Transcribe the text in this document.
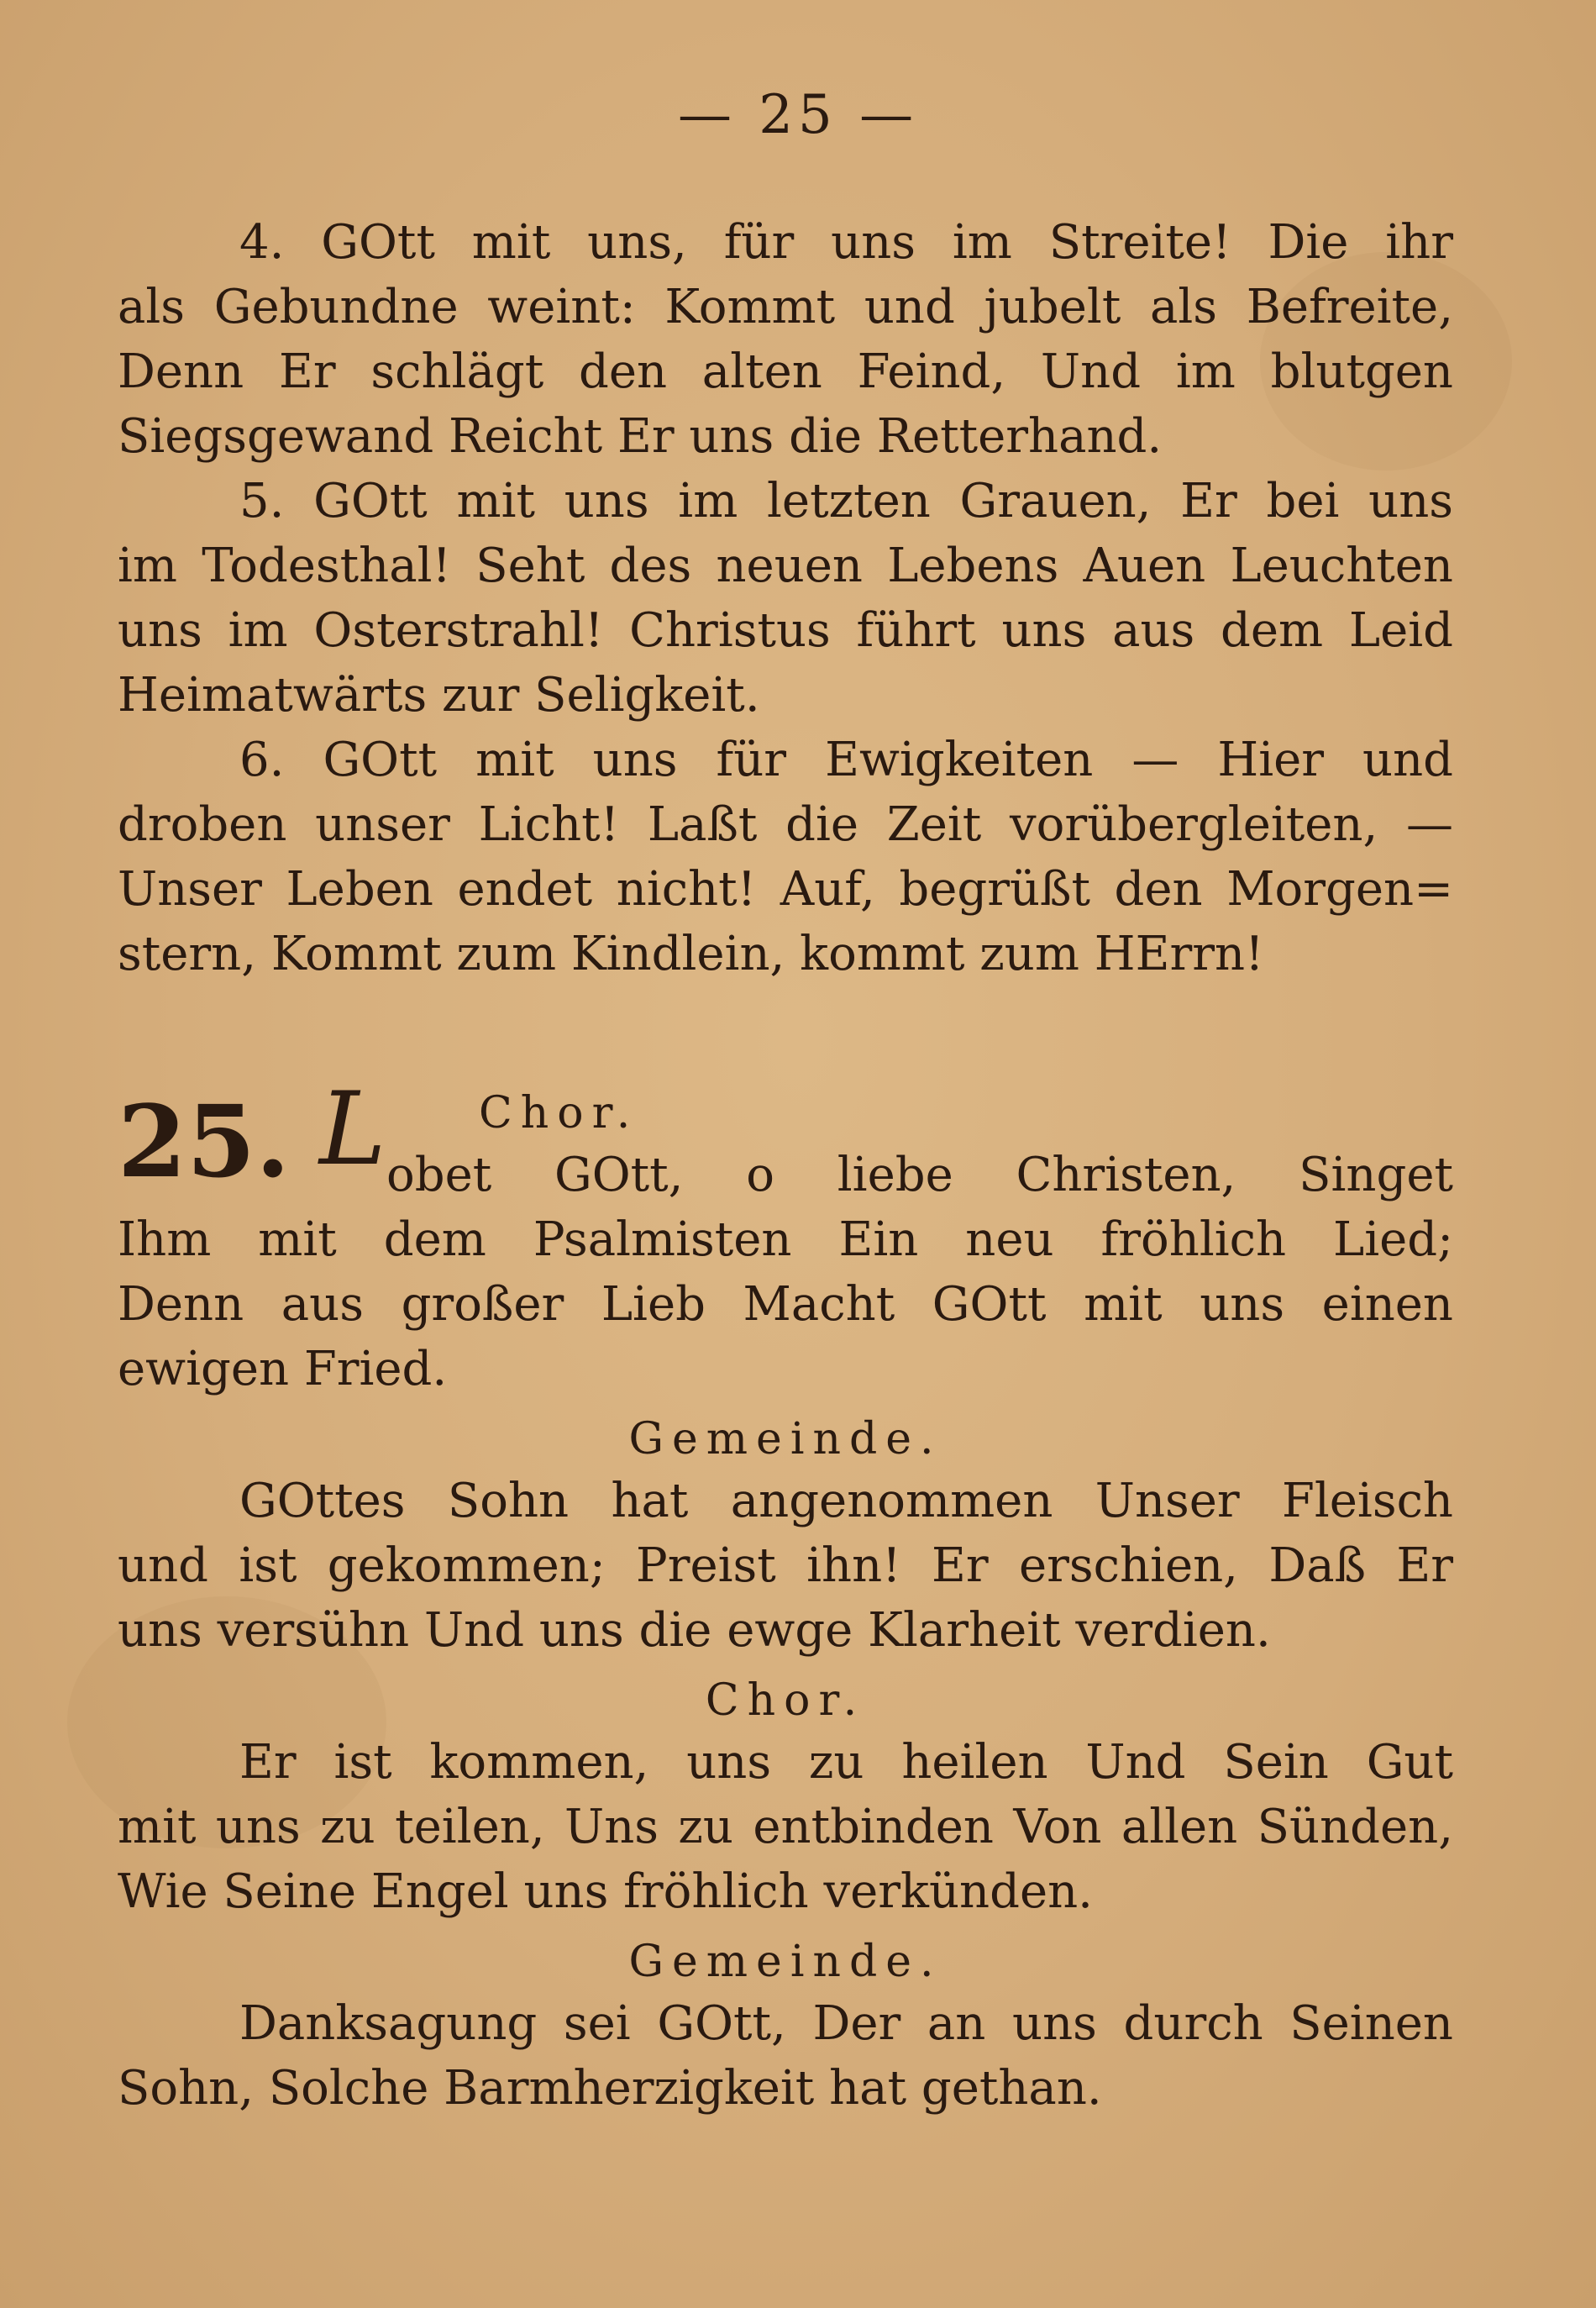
— 25 —
4. GOtt mit uns, für uns im Streite! Die ihr
als Gebundne weint: Kommt und jubelt als Befreite,
Denn Er schlägt den alten Feind, Und im blutgen
Siegsgewand Reicht Er uns die Retterhand.
5. GOtt mit uns im letzten Grauen, Er bei uns
im Todesthal! Seht des neuen Lebens Auen Leuchten
uns im Osterstrahl! Christus führt uns aus dem Leid
Heimatwärts zur Seligkeit.
6. GOtt mit uns für Ewigkeiten — Hier und
droben unser Licht! Laßt die Zeit vorübergleiten, —
Unser Leben endet nicht! Auf, begrüßt den Morgen=
stern, Kommt zum Kindlein, kommt zum HErrn!
25. L	Chor.
obet GOtt, o liebe Christen, Singet
Ihm mit dem Psalmisten Ein neu fröhlich Lied;
Denn aus großer Lieb Macht GOtt mit uns einen
ewigen Fried.
Gemeinde.
GOttes Sohn hat angenommen Unser Fleisch
und ist gekommen; Preist ihn! Er erschien, Daß Er
uns versühn Und uns die ewge Klarheit verdien.
Chor.
Er ist kommen, uns zu heilen Und Sein Gut
mit uns zu teilen, Uns zu entbinden Von allen Sünden,
Wie Seine Engel uns fröhlich verkünden.
Gemeinde.
Danksagung sei GOtt, Der an uns durch Seinen
Sohn, Solche Barmherzigkeit hat gethan.
